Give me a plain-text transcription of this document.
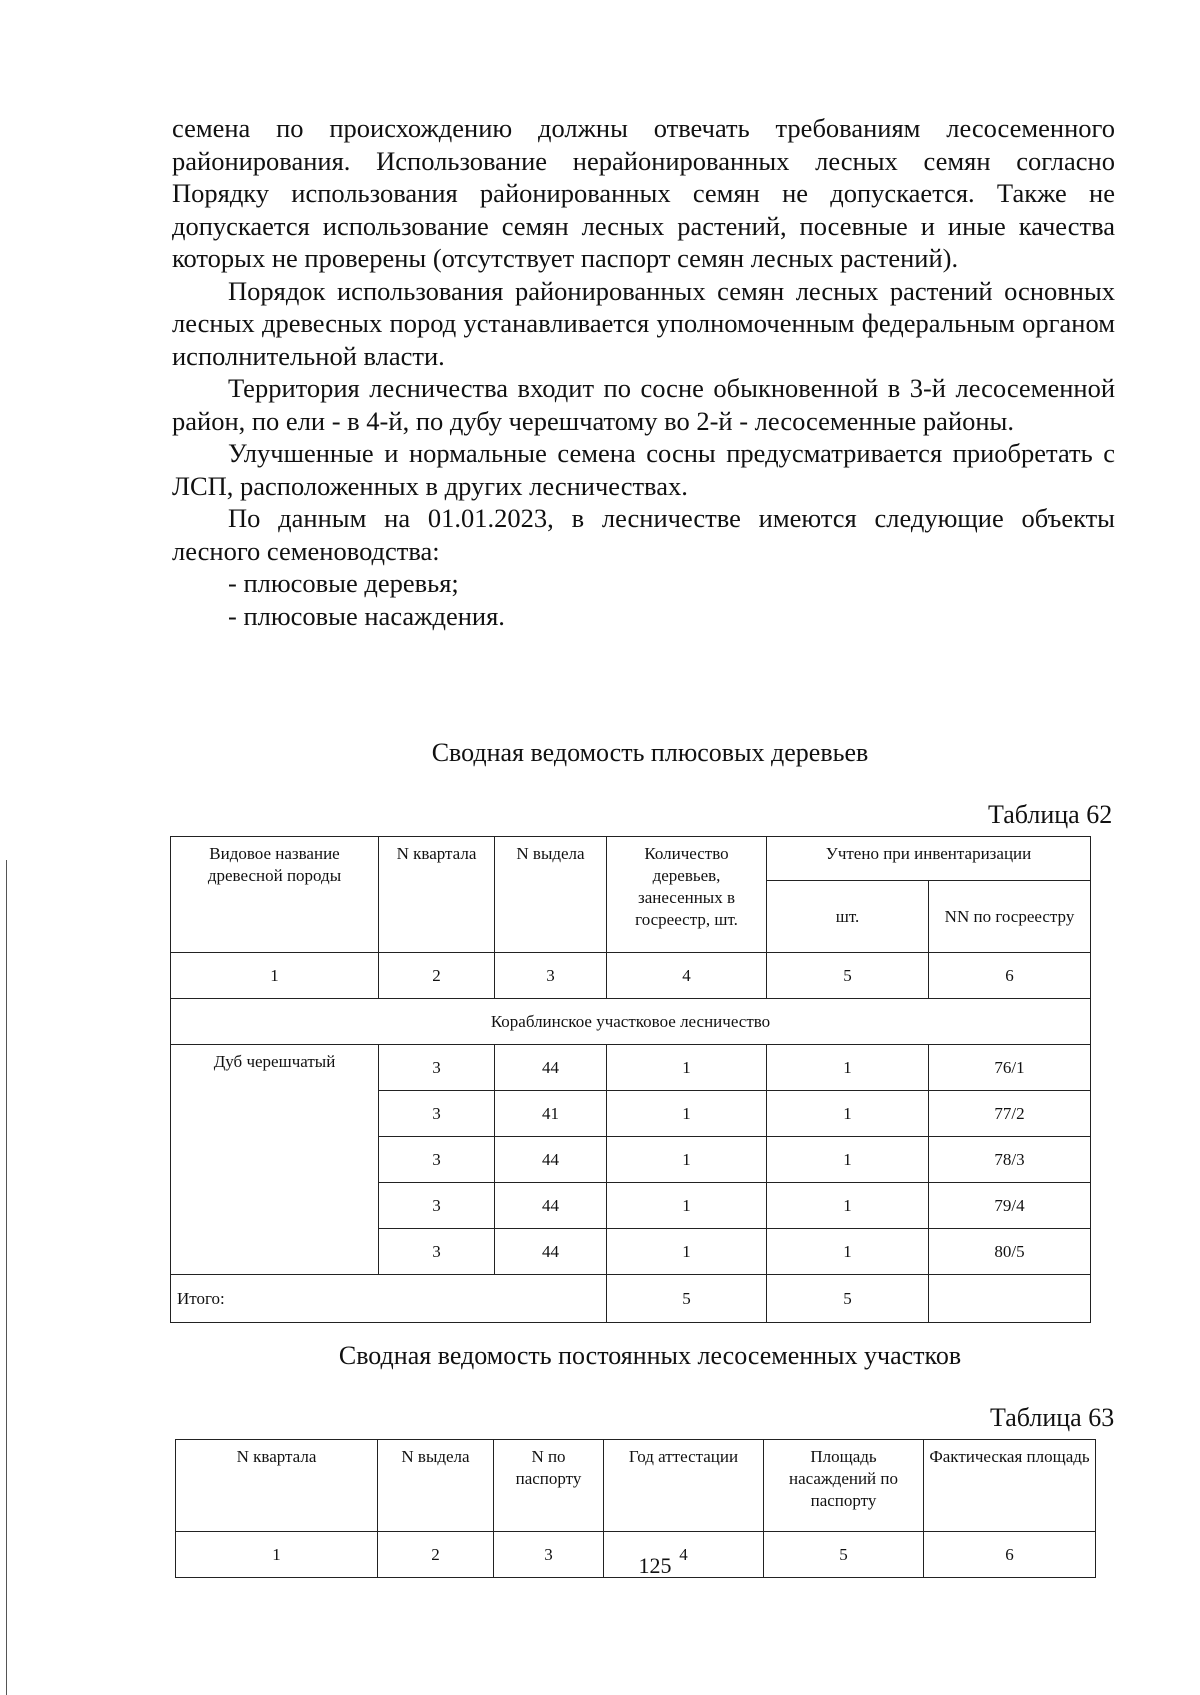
семена по происхождению должны отвечать требованиям лесосеменного районирования. Использование нерайонированных лесных семян согласно Порядку использования районированных семян не допускается. Также не допускается использование семян лесных растений, посевные и иные качества которых не проверены (отсутствует паспорт семян лесных растений).

Порядок использования районированных семян лесных растений основных лесных древесных пород устанавливается уполномоченным федеральным органом исполнительной власти.

Территория лесничества входит по сосне обыкновенной в 3-й лесосеменной район, по ели - в 4-й, по дубу черешчатому во 2-й - лесосеменные районы.

Улучшенные и нормальные семена сосны предусматривается приобретать с ЛСП, расположенных в других лесничествах.

По данным на 01.01.2023, в лесничестве имеются следующие объекты лесного семеноводства:

- плюсовые деревья;

- плюсовые насаждения.

Сводная ведомость плюсовых деревьев
Таблица 62
Видовое название древесной породы	N квартала	N выдела	Количество деревьев, занесенных в госреестр, шт.	Учтено при инвентаризации	
				шт.	NN по госреестру
1	2	3	4	5	6
Кораблинское участковое лесничество					
Дуб черешчатый	3	44	1	1	76/1
	3	41	1	1	77/2
	3	44	1	1	78/3
	3	44	1	1	79/4
	3	44	1	1	80/5
Итого:			5	5	
Сводная ведомость постоянных лесосеменных участков
Таблица 63
N квартала	N выдела	N по паспорту	Год аттестации	Площадь насаждений по паспорту	Фактическая площадь
1	2	3	4	5	6
125
